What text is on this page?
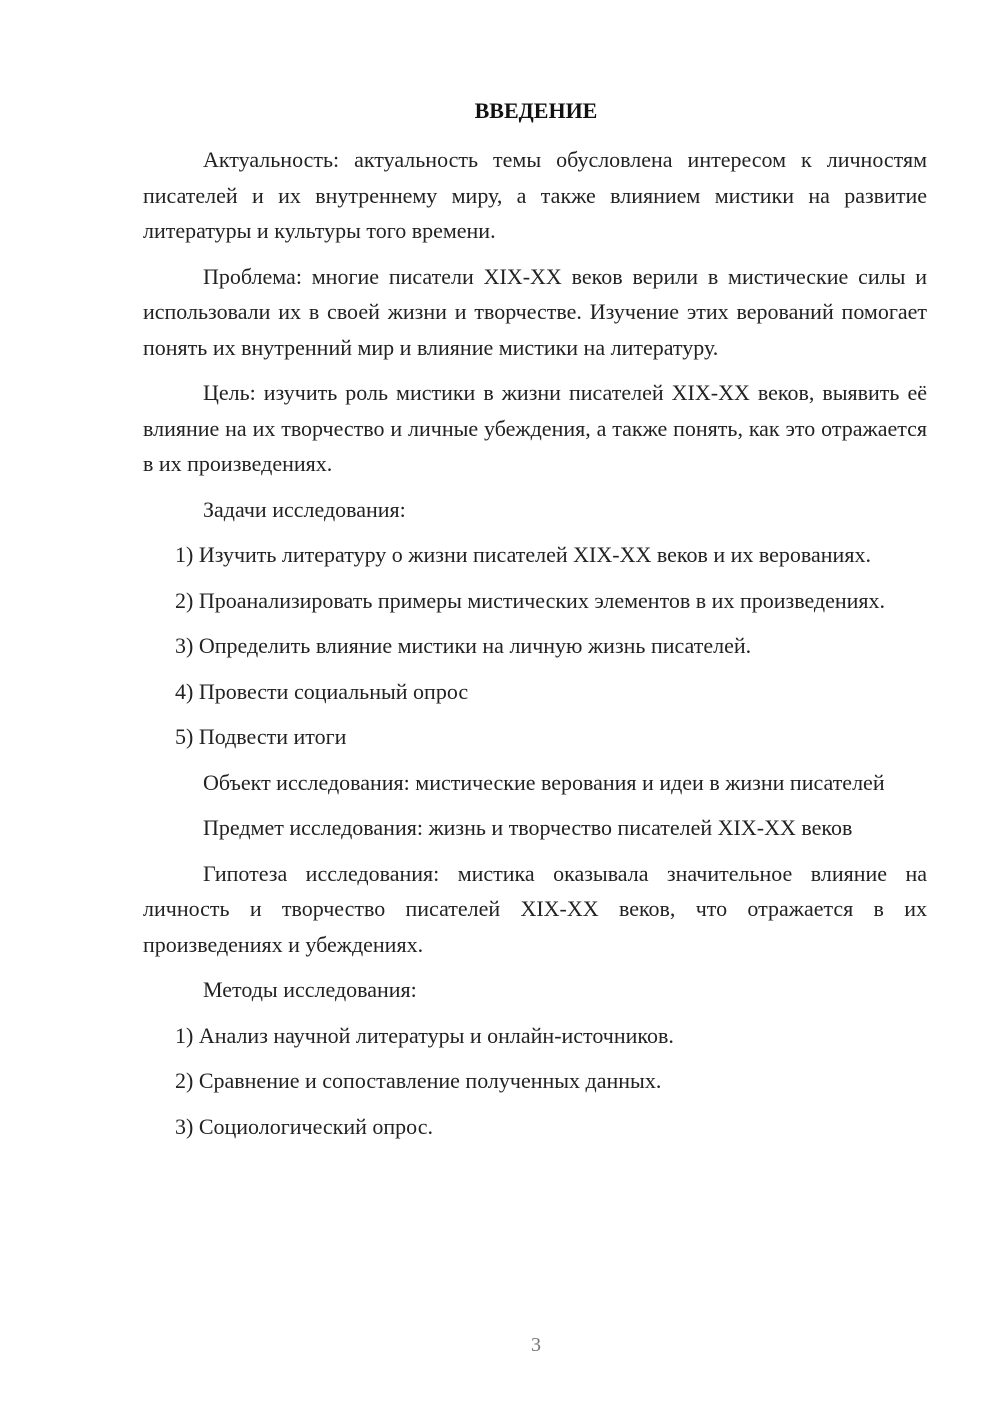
ВВЕДЕНИЕ

Актуальность: актуальность темы обусловлена интересом к личностям писателей и их внутреннему миру, а также влиянием мистики на развитие литературы и культуры того времени.

Проблема: многие писатели XIX-XX веков верили в мистические силы и использовали их в своей жизни и творчестве. Изучение этих верований помогает понять их внутренний мир и влияние мистики на литературу.

Цель: изучить роль мистики в жизни писателей XIX-XX веков, выявить её влияние на их творчество и личные убеждения, а также понять, как это отражается в их произведениях.

Задачи исследования:

1) Изучить литературу о жизни писателей XIX-XX веков и их верованиях.

2) Проанализировать примеры мистических элементов в их произведениях.

3) Определить влияние мистики на личную жизнь писателей.

4) Провести социальный опрос

5) Подвести итоги

Объект исследования: мистические верования и идеи в жизни писателей

Предмет исследования: жизнь и творчество писателей XIX-XX веков

Гипотеза исследования: мистика оказывала значительное влияние на личность и творчество писателей XIX-XX веков, что отражается в их произведениях и убеждениях.

Методы исследования:

1) Анализ научной литературы и онлайн-источников.

2) Сравнение и сопоставление полученных данных.

3) Социологический опрос.

3
